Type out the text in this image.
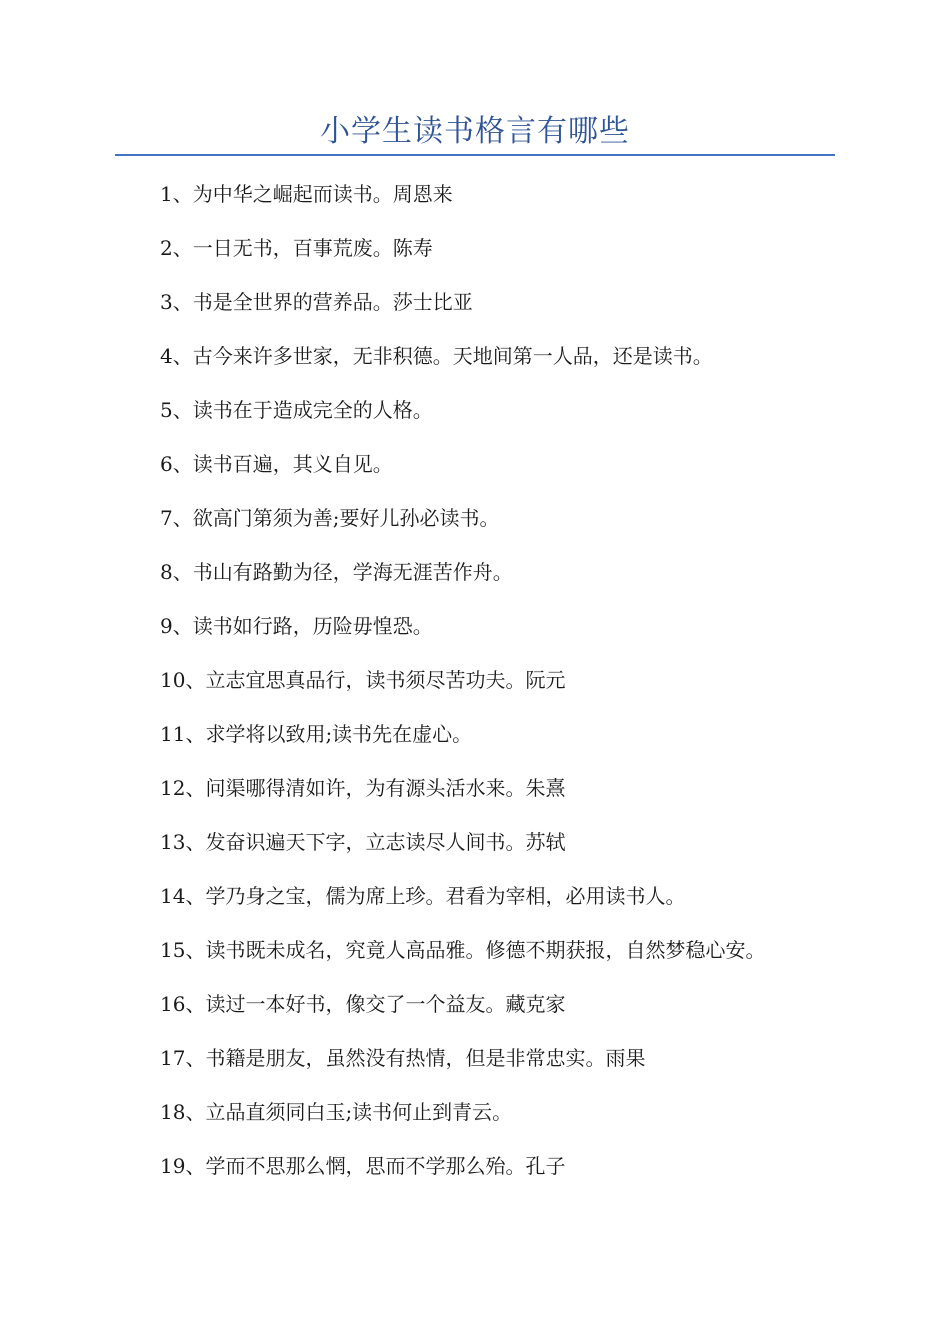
小学生读书格言有哪些
1、为中华之崛起而读书。周恩来
2、一日无书，百事荒废。陈寿
3、书是全世界的营养品。莎士比亚
4、古今来许多世家，无非积德。天地间第一人品，还是读书。
5、读书在于造成完全的人格。
6、读书百遍，其义自见。
7、欲高门第须为善;要好儿孙必读书。
8、书山有路勤为径，学海无涯苦作舟。
9、读书如行路，历险毋惶恐。
10、立志宜思真品行，读书须尽苦功夫。阮元
11、求学将以致用;读书先在虚心。
12、问渠哪得清如许，为有源头活水来。朱熹
13、发奋识遍天下字，立志读尽人间书。苏轼
14、学乃身之宝，儒为席上珍。君看为宰相，必用读书人。
15、读书既未成名，究竟人高品雅。修德不期获报，自然梦稳心安。
16、读过一本好书，像交了一个益友。藏克家
17、书籍是朋友，虽然没有热情，但是非常忠实。雨果
18、立品直须同白玉;读书何止到青云。
19、学而不思那么惘，思而不学那么殆。孔子
